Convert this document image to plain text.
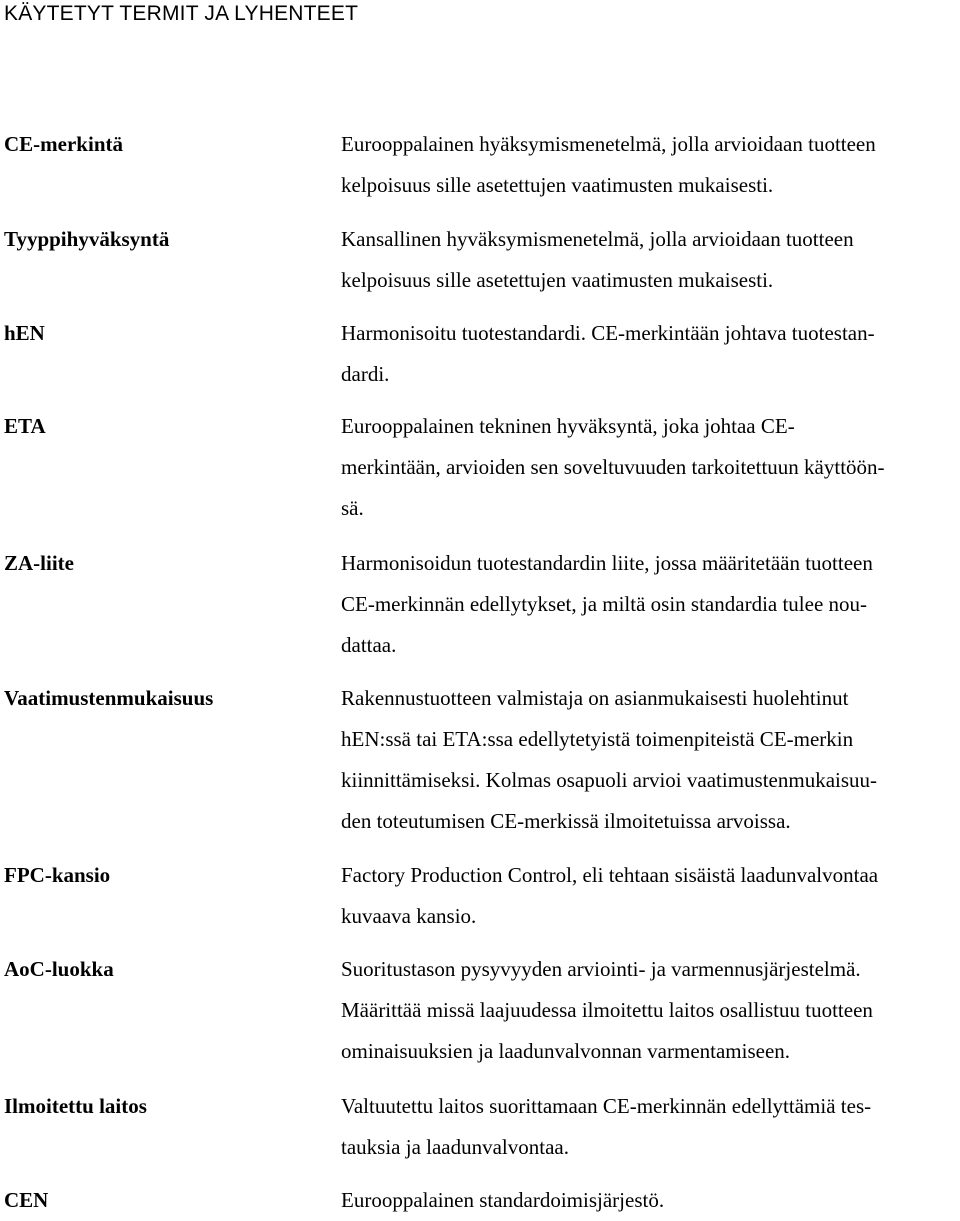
KÄYTETYT TERMIT JA LYHENTEET
CE-merkintä	Eurooppalainen hyäksymismenetelmä, jolla arvioidaan tuotteen
kelpoisuus sille asetettujen vaatimusten mukaisesti.
Tyyppihyväksyntä	Kansallinen hyväksymismenetelmä, jolla arvioidaan tuotteen
kelpoisuus sille asetettujen vaatimusten mukaisesti.
hEN	Harmonisoitu tuotestandardi. CE-merkintään johtava tuotestan-
dardi.
ETA	Eurooppalainen tekninen hyväksyntä, joka johtaa CE-
merkintään, arvioiden sen soveltuvuuden tarkoitettuun käyttöön-
sä.
ZA-liite	Harmonisoidun tuotestandardin liite, jossa määritetään tuotteen
CE-merkinnän edellytykset, ja miltä osin standardia tulee nou-
dattaa.
Vaatimustenmukaisuus	Rakennustuotteen valmistaja on asianmukaisesti huolehtinut
hEN:ssä tai ETA:ssa edellytetyistä toimenpiteistä CE-merkin
kiinnittämiseksi. Kolmas osapuoli arvioi vaatimustenmukaisuu-
den toteutumisen CE-merkissä ilmoitetuissa arvoissa.
FPC-kansio	Factory Production Control, eli tehtaan sisäistä laadunvalvontaa
kuvaava kansio.
AoC-luokka	Suoritustason pysyvyyden arviointi- ja varmennusjärjestelmä.
Määrittää missä laajuudessa ilmoitettu laitos osallistuu tuotteen
ominaisuuksien ja laadunvalvonnan varmentamiseen.
Ilmoitettu laitos	Valtuutettu laitos suorittamaan CE-merkinnän edellyttämiä tes-
tauksia ja laadunvalvontaa.
CEN	Eurooppalainen standardoimisjärjestö.
